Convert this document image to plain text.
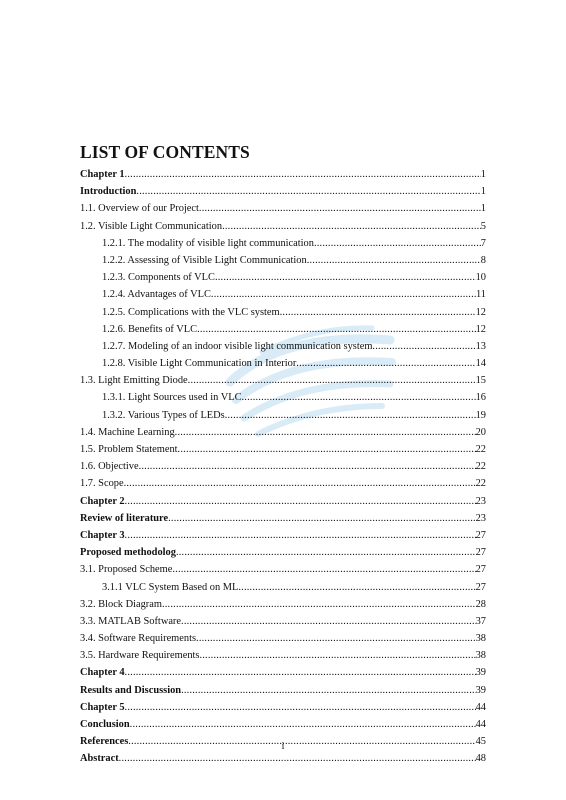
LIST OF CONTENTS
Chapter 1 .....	1
Introduction .....	1
1.1. Overview of our Project .....	1
1.2. Visible Light Communication .....	5
1.2.1. The modality of visible light communication .....	7
1.2.2. Assessing of Visible Light Communication .....	8
1.2.3. Components of VLC .....	10
1.2.4. Advantages of VLC .....	11
1.2.5. Complications with the VLC system .....	12
1.2.6. Benefits of VLC .....	12
1.2.7. Modeling of an indoor visible light communication system .....	13
1.2.8. Visible Light Communication in Interior .....	14
1.3. Light Emitting Diode .....	15
1.3.1. Light Sources used in VLC .....	16
1.3.2. Various Types of LEDs .....	19
1.4. Machine Learning .....	20
1.5. Problem Statement .....	22
1.6. Objective .....	22
1.7. Scope .....	22
Chapter 2 .....	23
Review of literature .....	23
Chapter 3 .....	27
Proposed methodolog .....	27
3.1. Proposed Scheme .....	27
3.1.1 VLC System Based on ML .....	27
3.2. Block Diagram .....	28
3.3. MATLAB Software .....	37
3.4. Software Requirements .....	38
3.5. Hardware Requirements .....	38
Chapter 4 .....	39
Results and Discussion .....	39
Chapter 5 .....	44
Conclusion .....	44
References .....	45
Abstract .....	48
i
